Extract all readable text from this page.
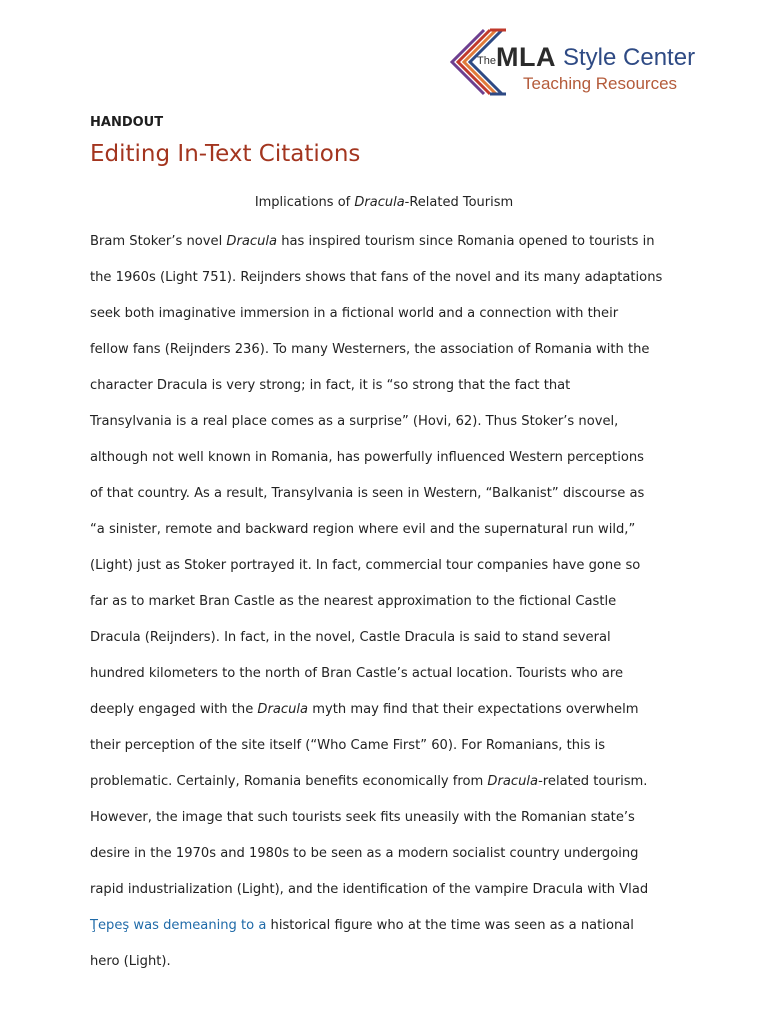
The MLA Style Center
Teaching Resources
HANDOUT
Editing In-Text Citations
Implications of Dracula-Related Tourism
Bram Stoker’s novel Dracula has inspired tourism since Romania opened to tourists in
the 1960s (Light 751). Reijnders shows that fans of the novel and its many adaptations
seek both imaginative immersion in a fictional world and a connection with their
fellow fans (Reijnders 236). To many Westerners, the association of Romania with the
character Dracula is very strong; in fact, it is “so strong that the fact that
Transylvania is a real place comes as a surprise” (Hovi, 62). Thus Stoker’s novel,
although not well known in Romania, has powerfully influenced Western perceptions
of that country. As a result, Transylvania is seen in Western, “Balkanist” discourse as
“a sinister, remote and backward region where evil and the supernatural run wild,”
(Light) just as Stoker portrayed it. In fact, commercial tour companies have gone so
far as to market Bran Castle as the nearest approximation to the fictional Castle
Dracula (Reijnders). In fact, in the novel, Castle Dracula is said to stand several
hundred kilometers to the north of Bran Castle’s actual location. Tourists who are
deeply engaged with the Dracula myth may find that their expectations overwhelm
their perception of the site itself (“Who Came First” 60). For Romanians, this is
problematic. Certainly, Romania benefits economically from Dracula-related tourism.
However, the image that such tourists seek fits uneasily with the Romanian state’s
desire in the 1970s and 1980s to be seen as a modern socialist country undergoing
rapid industrialization (Light), and the identification of the vampire Dracula with Vlad
Ţepeş was demeaning to a historical figure who at the time was seen as a national
hero (Light).
